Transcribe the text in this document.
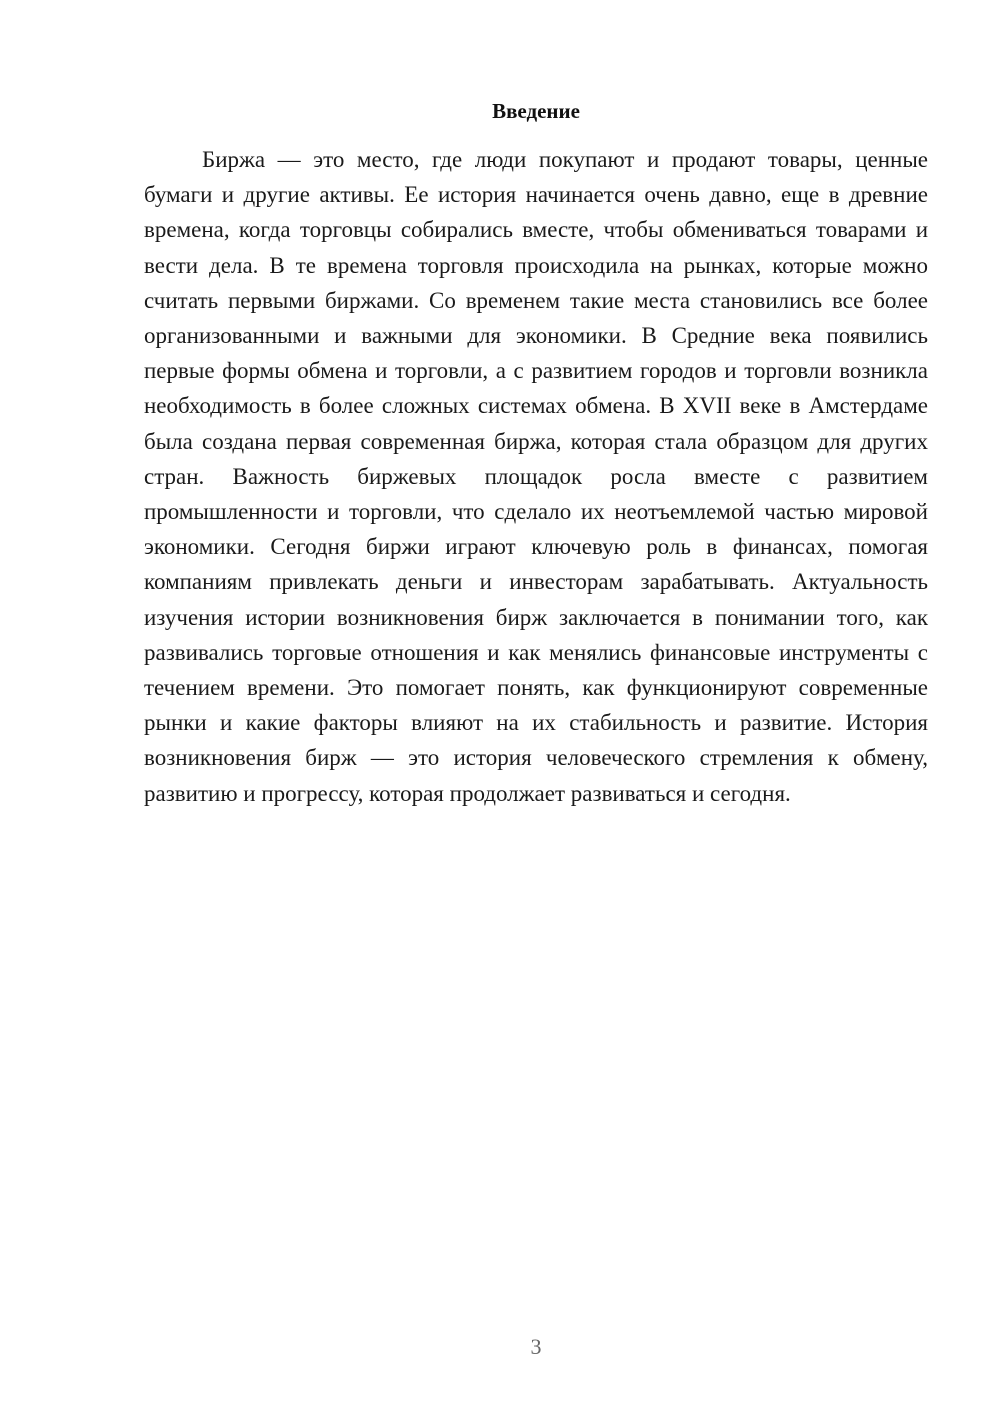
Введение

Биржа — это место, где люди покупают и продают товары, ценные бумаги и другие активы. Ее история начинается очень давно, еще в древние времена, когда торговцы собирались вместе, чтобы обмениваться товарами и вести дела. В те времена торговля происходила на рынках, которые можно считать первыми биржами. Со временем такие места становились все более организованными и важными для экономики. В Средние века появились первые формы обмена и торговли, а с развитием городов и торговли возникла необходимость в более сложных системах обмена. В XVII веке в Амстердаме была создана первая современная биржа, которая стала образцом для других стран. Важность биржевых площадок росла вместе с развитием промышленности и торговли, что сделало их неотъемлемой частью мировой экономики. Сегодня биржи играют ключевую роль в финансах, помогая компаниям привлекать деньги и инвесторам зарабатывать. Актуальность изучения истории возникновения бирж заключается в понимании того, как развивались торговые отношения и как менялись финансовые инструменты с течением времени. Это помогает понять, как функционируют современные рынки и какие факторы влияют на их стабильность и развитие. История возникновения бирж — это история человеческого стремления к обмену, развитию и прогрессу, которая продолжает развиваться и сегодня.

3
